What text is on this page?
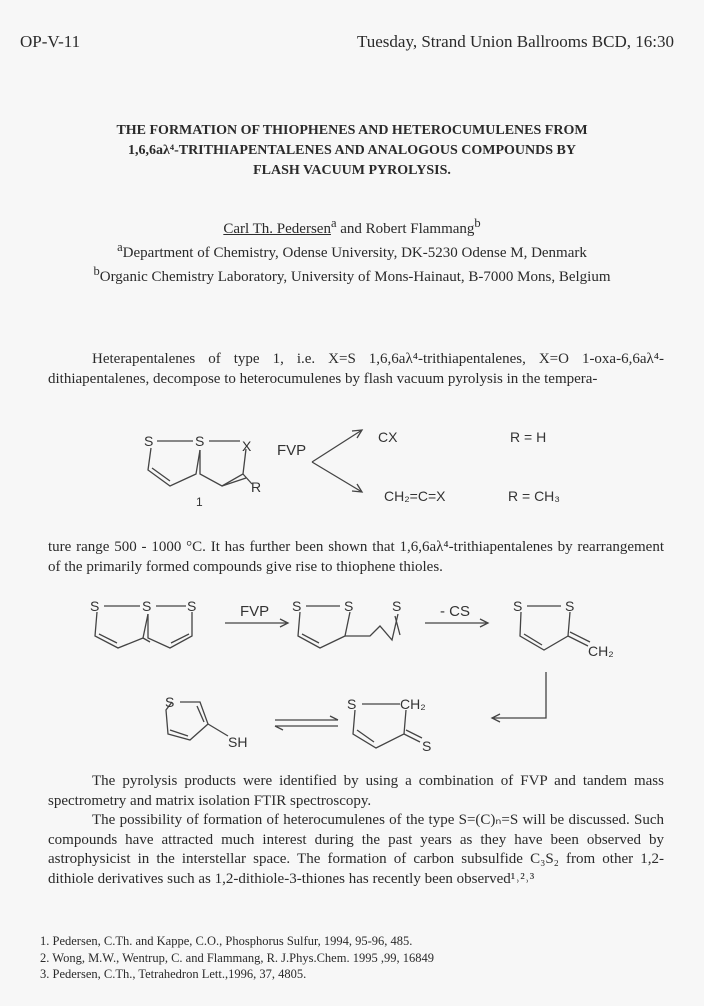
OP-V-11	Tuesday, Strand Union Ballrooms BCD, 16:30
THE FORMATION OF THIOPHENES AND HETEROCUMULENES FROM
1,6,6aλ⁴-TRITHIAPENTALENES AND ANALOGOUS COMPOUNDS BY
FLASH VACUUM PYROLYSIS.
Carl Th. Pedersen$^a$ and Robert Flammang$^b$
$^a$Department of Chemistry, Odense University, DK-5230 Odense M, Denmark
$^b$Organic Chemistry Laboratory, University of Mons-Hainaut, B-7000 Mons, Belgium

Heterapentalenes of type 1, i.e. X=S 1,6,6aλ⁴-trithiapentalenes, X=O 1-oxa-6,6aλ⁴-dithiapentalenes, decompose to heterocumulenes by flash vacuum pyrolysis in the tempera-

S	S	X
R
1
FVP
CX	R = H
CH₂=C=X	R = CH₃

ture range 500 - 1000 °C. It has further been shown that 1,6,6aλ⁴-trithiapentalenes by rearrangement of the primarily formed compounds give rise to thiophene thioles.

S	S	S	FVP S	S	S	- CS	S	S
CH₂
S
SH
S	CH₂
S

The pyrolysis products were identified by using a combination of FVP and tandem mass spectrometry and matrix isolation FTIR spectroscopy.

The possibility of formation of heterocumulenes of the type S=(C)ₙ=S will be discussed. Such compounds have attracted much interest during the past years as they have been observed by astrophysicist in the interstellar space. The formation of carbon subsulfide C₃S₂ from other 1,2-dithiole derivatives such as 1,2-dithiole-3-thiones has recently been observed¹˒²˒³

1. Pedersen, C.Th. and Kappe, C.O., Phosphorus Sulfur, 1994, 95-96, 485.
2. Wong, M.W., Wentrup, C. and Flammang, R. J.Phys.Chem. 1995 ,99, 16849
3. Pedersen, C.Th., Tetrahedron Lett.,1996, 37, 4805.
